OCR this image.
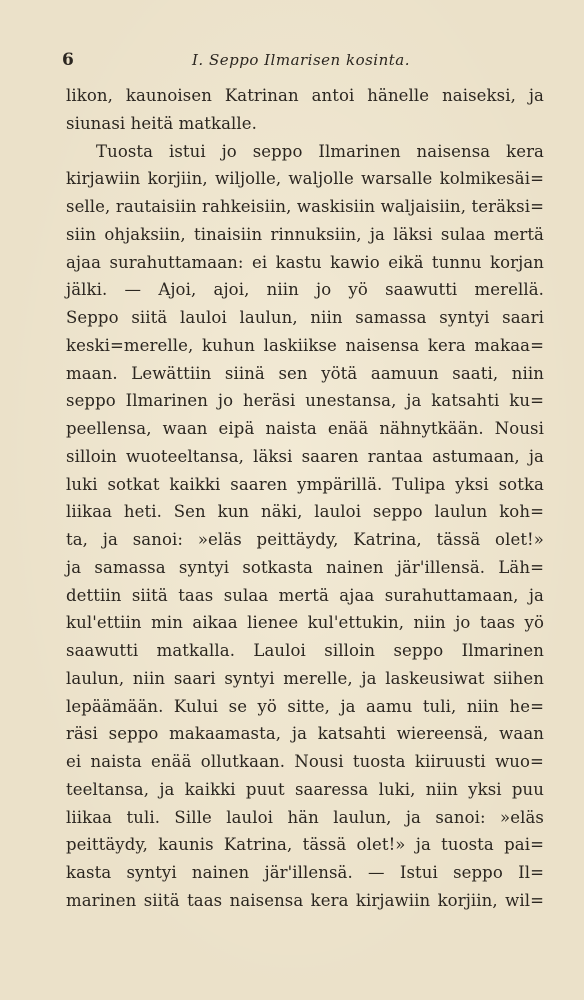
6	I. Seppo Ilmarisen kosinta.
likon, kaunoisen Katrinan antoi hänelle naiseksi, ja
siunasi heitä matkalle.
Tuosta istui jo seppo Ilmarinen naisensa kera
kirjawiin korjiin, wiljolle, waljolle warsalle kolmikesäi=
selle, rautaisiin rahkeisiin, waskisiin waljaisiin, teräksi=
siin ohjaksiin, tinaisiin rinnuksiin, ja läksi sulaa mertä
ajaa surahuttamaan: ei kastu kawio eikä tunnu korjan
jälki. — Ajoi, ajoi, niin jo yö saawutti merellä.
Seppo siitä lauloi laulun, niin samassa syntyi saari
keski=merelle, kuhun laskiikse naisensa kera makaa=
maan. Lewättiin siinä sen yötä aamuun saati, niin
seppo Ilmarinen jo heräsi unestansa, ja katsahti ku=
peellensa, waan eipä naista enää nähnytkään. Nousi
silloin wuoteeltansa, läksi saaren rantaa astumaan, ja
luki sotkat kaikki saaren ympärillä. Tulipa yksi sotka
liikaa heti. Sen kun näki, lauloi seppo laulun koh=
ta, ja sanoi: »eläs peittäydy, Katrina, tässä olet!»
ja samassa syntyi sotkasta nainen jär'illensä. Läh=
dettiin siitä taas sulaa mertä ajaa surahuttamaan, ja
kul'ettiin min aikaa lienee kul'ettukin, niin jo taas yö
saawutti matkalla. Lauloi silloin seppo Ilmarinen
laulun, niin saari syntyi merelle, ja laskeusiwat siihen
lepäämään. Kului se yö sitte, ja aamu tuli, niin he=
räsi seppo makaamasta, ja katsahti wiereensä, waan
ei naista enää ollutkaan. Nousi tuosta kiiruusti wuo=
teeltansa, ja kaikki puut saaressa luki, niin yksi puu
liikaa tuli. Sille lauloi hän laulun, ja sanoi: »eläs
peittäydy, kaunis Katrina, tässä olet!» ja tuosta pai=
kasta syntyi nainen jär'illensä. — Istui seppo Il=
marinen siitä taas naisensa kera kirjawiin korjiin, wil=
